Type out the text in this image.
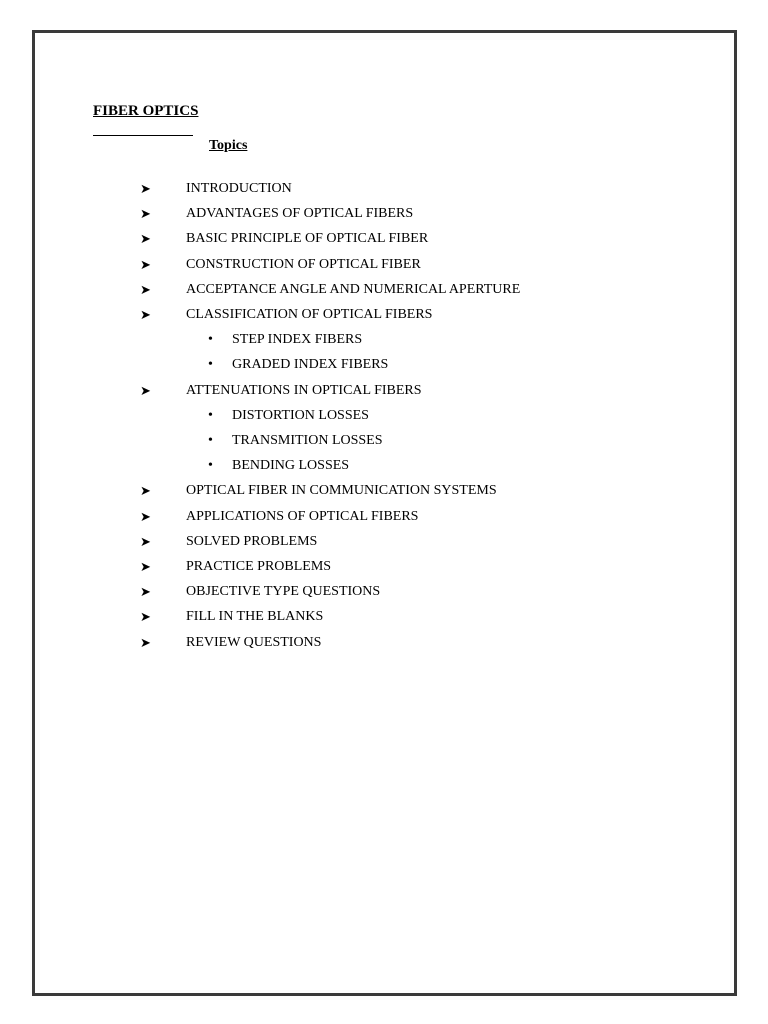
FIBER OPTICS
Topics
➤	INTRODUCTION
➤	ADVANTAGES OF OPTICAL FIBERS
➤	BASIC PRINCIPLE OF OPTICAL FIBER
➤	CONSTRUCTION OF OPTICAL FIBER
➤	ACCEPTANCE ANGLE AND NUMERICAL APERTURE
➤	CLASSIFICATION OF OPTICAL FIBERS
• STEP INDEX FIBERS
• GRADED INDEX FIBERS
➤	ATTENUATIONS IN OPTICAL FIBERS
• DISTORTION LOSSES
• TRANSMITION LOSSES
• BENDING LOSSES
➤	OPTICAL FIBER IN COMMUNICATION SYSTEMS
➤	APPLICATIONS OF OPTICAL FIBERS
➤	SOLVED PROBLEMS
➤	PRACTICE PROBLEMS
➤	OBJECTIVE TYPE QUESTIONS
➤	FILL IN THE BLANKS
➤	REVIEW QUESTIONS
